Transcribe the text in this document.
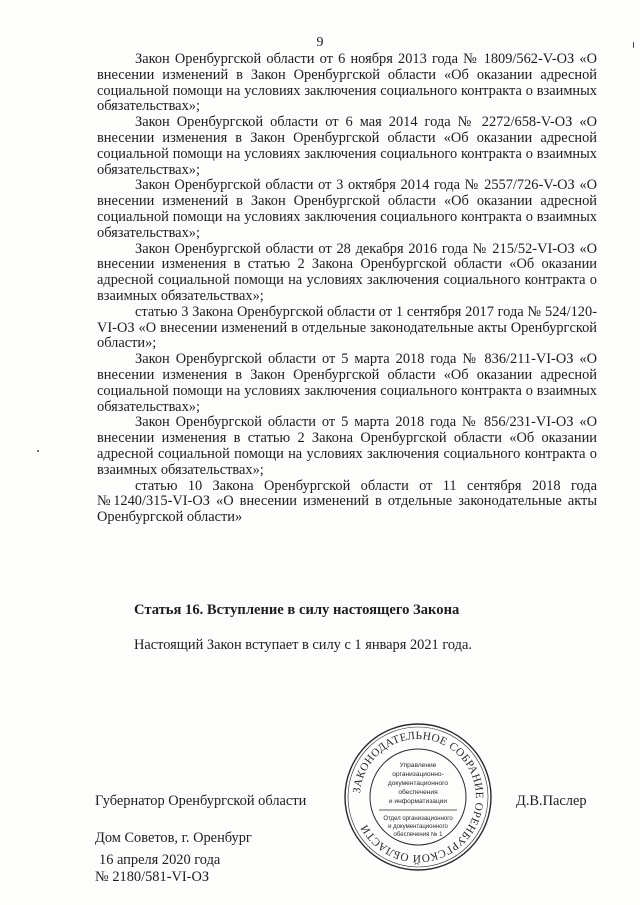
9

Закон Оренбургской области от 6 ноября 2013 года № 1809/562-V-ОЗ «О внесении изменений в Закон Оренбургской области «Об оказании адресной социальной помощи на условиях заключения социального контракта о взаимных обязательствах»;

Закон Оренбургской области от 6 мая 2014 года № 2272/658-V-ОЗ «О внесении изменения в Закон Оренбургской области «Об оказании адресной социальной помощи на условиях заключения социального контракта о взаимных обязательствах»;

Закон Оренбургской области от 3 октября 2014 года № 2557/726-V-ОЗ «О внесении изменений в Закон Оренбургской области «Об оказании адресной социальной помощи на условиях заключения социального контракта о взаимных обязательствах»;

Закон Оренбургской области от 28 декабря 2016 года № 215/52-VI-ОЗ «О внесении изменения в статью 2 Закона Оренбургской области «Об оказании адресной социальной помощи на условиях заключения социального контракта о взаимных обязательствах»;

статью 3 Закона Оренбургской области от 1 сентября 2017 года № 524/120-VI-ОЗ «О внесении изменений в отдельные законодательные акты Оренбургской области»;

Закон Оренбургской области от 5 марта 2018 года № 836/211-VI-ОЗ «О внесении изменения в Закон Оренбургской области «Об оказании адресной социальной помощи на условиях заключения социального контракта о взаимных обязательствах»;

Закон Оренбургской области от 5 марта 2018 года № 856/231-VI-ОЗ «О внесении изменения в статью 2 Закона Оренбургской области «Об оказании адресной социальной помощи на условиях заключения социального контракта о взаимных обязательствах»;

статью 10 Закона Оренбургской области от 11 сентября 2018 года №1240/315-VI-ОЗ «О внесении изменений в отдельные законодательные акты Оренбургской области»

Статья 16. Вступление в силу настоящего Закона
Настоящий Закон вступает в силу с 1 января 2021 года.
Губернатор Оренбургской области	Д.В.Паслер
Дом Советов, г. Оренбург
16 апреля 2020 года
№ 2180/581-VI-ОЗ
ЗАКОНОДАТЕЛЬНОЕ СОБРАНИЕ ОРЕНБУРГСКОЙ ОБЛАСТИ
Управление
организационно-
документационного
обеспечения
и информатизации
Отдел организационного
и документационного
обеспечения № 1
